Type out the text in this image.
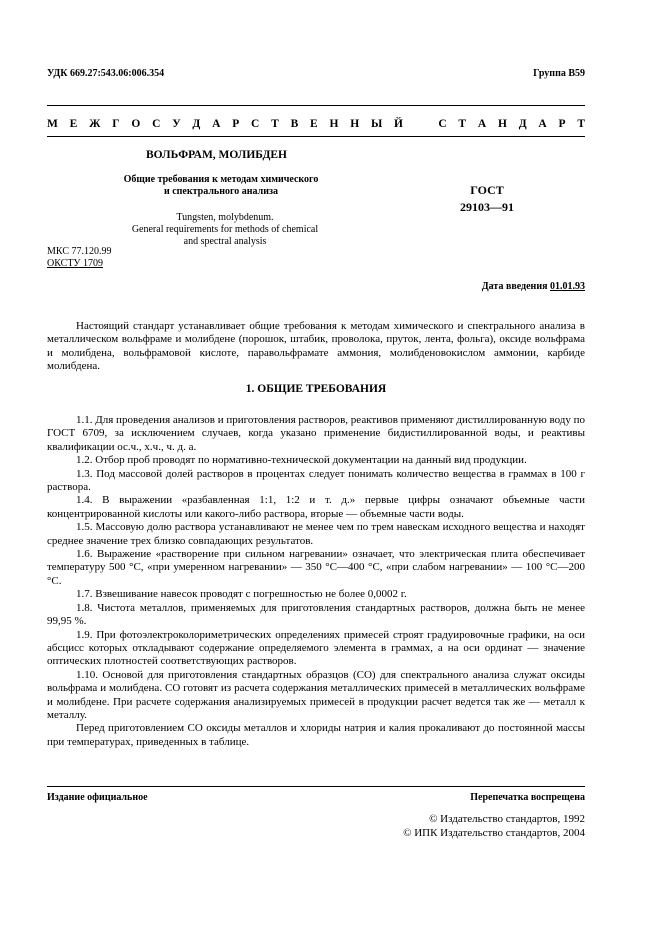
УДК 669.27:543.06:006.354	Группа В59
М Е Ж Г О С У Д А Р С Т В Е Н Н Ы Й	С Т А Н Д А Р Т
ВОЛЬФРАМ, МОЛИБДЕН
Общие требования к методам химического
и спектрального анализа	ГОСТ
29103—91
Tungsten, molybdenum.
General requirements for methods of chemical
and spectral analysis
МКС 77.120.99
ОКСТУ 1709
Дата введения 01.01.93
Настоящий стандарт устанавливает общие требования к методам химического и спектрального анализа в металлическом вольфраме и молибдене (порошок, штабик, проволока, пруток, лента, фольга), оксиде вольфрама и молибдена, вольфрамовой кислоте, паравольфрамате аммония, молибденовокислом аммонии, карбиде молибдена.
1. ОБЩИЕ ТРЕБОВАНИЯ

1.1. Для проведения анализов и приготовления растворов, реактивов применяют дистиллированную воду по ГОСТ 6709, за исключением случаев, когда указано применение бидистиллированной воды, и реактивы квалификации ос.ч., х.ч., ч. д. а.

1.2. Отбор проб проводят по нормативно-технической документации на данный вид продукции.

1.3. Под массовой долей растворов в процентах следует понимать количество вещества в граммах в 100 г раствора.

1.4. В выражении «разбавленная 1:1, 1:2 и т. д.» первые цифры означают объемные части концентрированной кислоты или какого-либо раствора, вторые — объемные части воды.

1.5. Массовую долю раствора устанавливают не менее чем по трем навескам исходного вещества и находят среднее значение трех близко совпадающих результатов.

1.6. Выражение «растворение при сильном нагревании» означает, что электрическая плита обеспечивает температуру 500 °С, «при умеренном нагревании» — 350 °С—400 °С, «при слабом нагревании» — 100 °С—200 °С.

1.7. Взвешивание навесок проводят с погрешностью не более 0,0002 г.

1.8. Чистота металлов, применяемых для приготовления стандартных растворов, должна быть не менее 99,95 %.

1.9. При фотоэлектроколориметрических определениях примесей строят градуировочные графики, на оси абсцисс которых откладывают содержание определяемого элемента в граммах, а на оси ординат — значение оптических плотностей соответствующих растворов.

1.10. Основой для приготовления стандартных образцов (СО) для спектрального анализа служат оксиды вольфрама и молибдена. СО готовят из расчета содержания металлических примесей в металлических вольфраме и молибдене. При расчете содержания анализируемых примесей в продукции расчет ведется так же — металл к металлу.

Перед приготовлением СО оксиды металлов и хлориды натрия и калия прокаливают до постоянной массы при температурах, приведенных в таблице.

Издание официальное	Перепечатка воспрещена
© Издательство стандартов, 1992
© ИПК Издательство стандартов, 2004
